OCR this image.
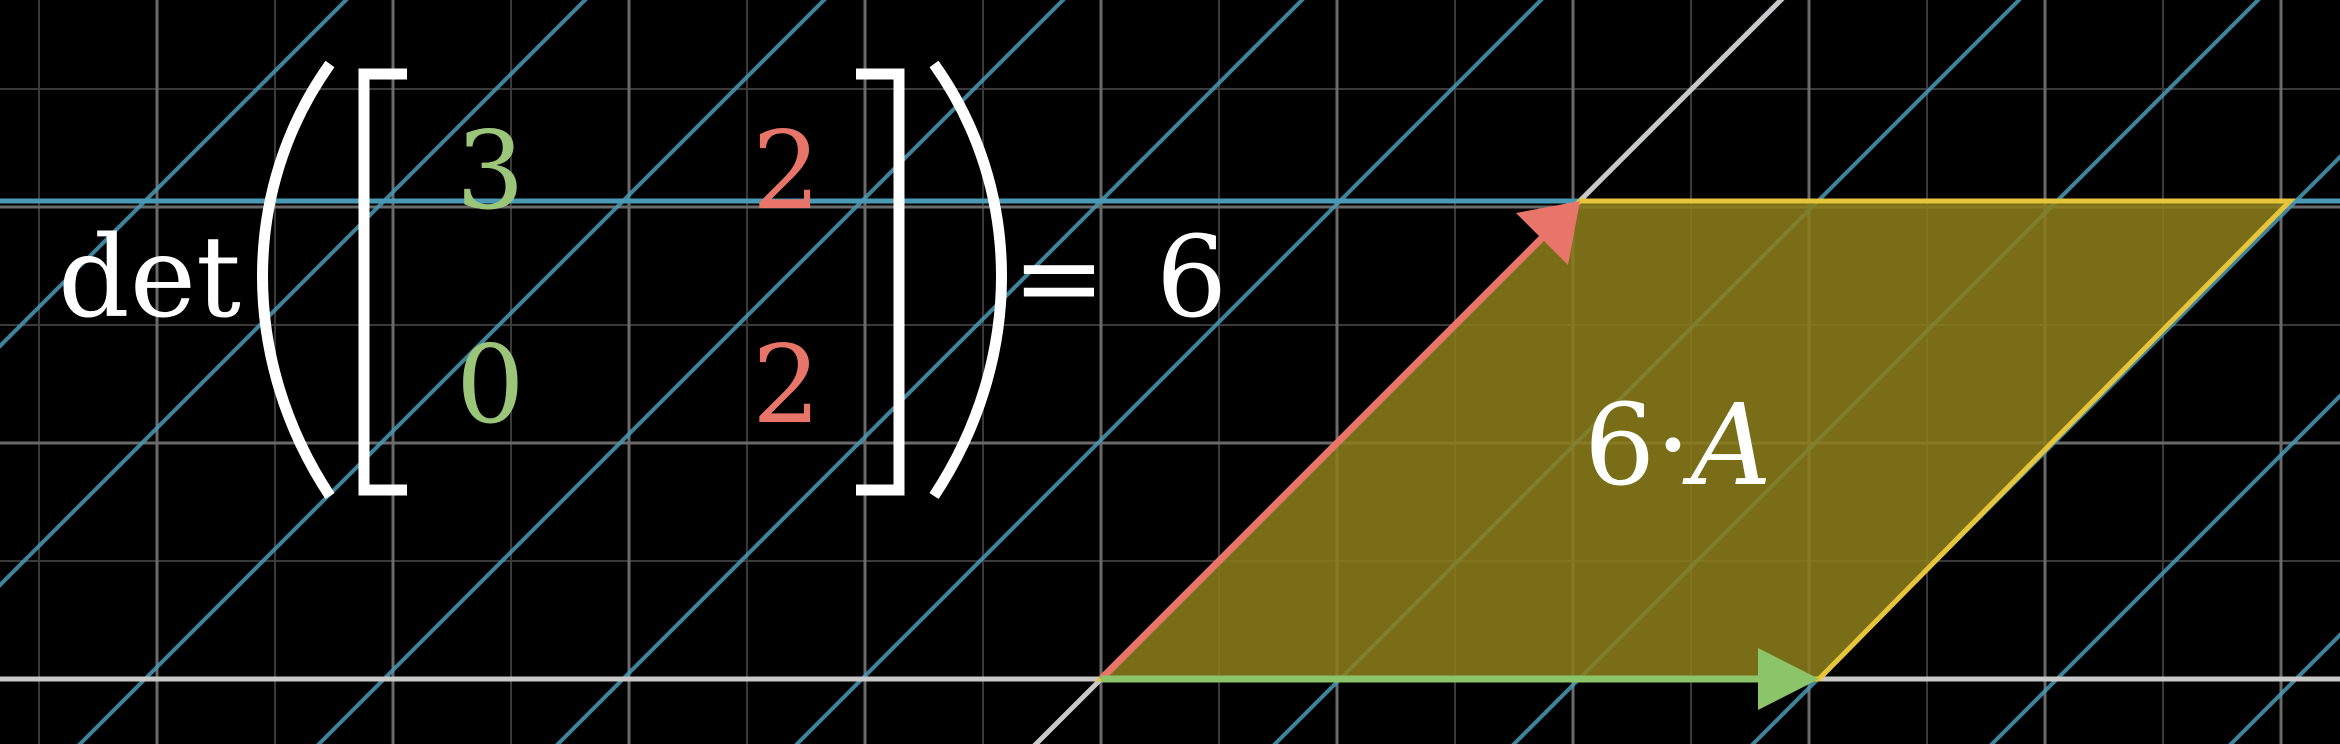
det
3 2
0 2
= 6
6·A
